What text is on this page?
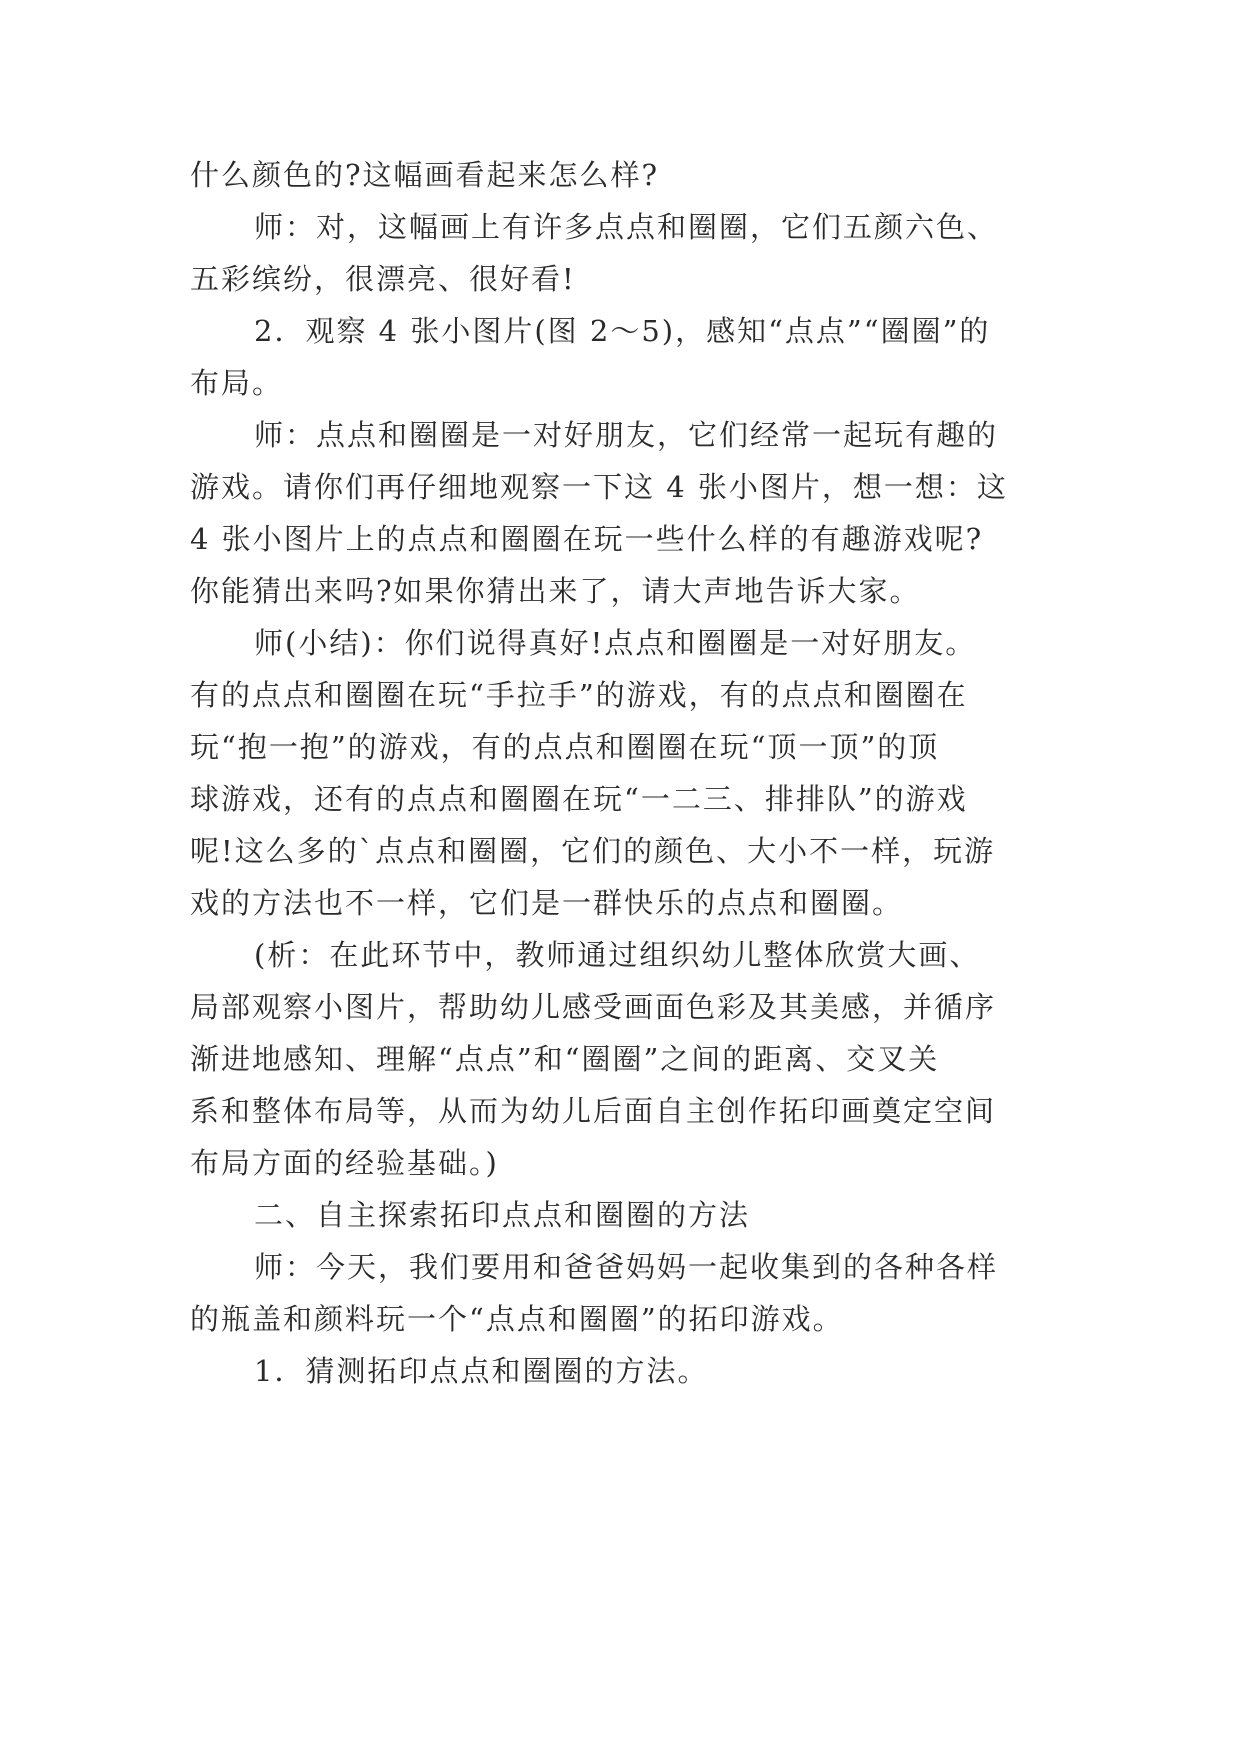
什么颜色的?这幅画看起来怎么样?
师：对，这幅画上有许多点点和圈圈，它们五颜六色、
五彩缤纷，很漂亮、很好看!
2．观察 4 张小图片(图 2～5)，感知“点点”“圈圈”的
布局。
师：点点和圈圈是一对好朋友，它们经常一起玩有趣的
游戏。请你们再仔细地观察一下这 4 张小图片，想一想：这
4 张小图片上的点点和圈圈在玩一些什么样的有趣游戏呢?
你能猜出来吗?如果你猜出来了，请大声地告诉大家。
师(小结)：你们说得真好!点点和圈圈是一对好朋友。
有的点点和圈圈在玩“手拉手”的游戏，有的点点和圈圈在
玩“抱一抱”的游戏，有的点点和圈圈在玩“顶一顶”的顶
球游戏，还有的点点和圈圈在玩“一二三、排排队”的游戏
呢!这么多的`点点和圈圈，它们的颜色、大小不一样，玩游
戏的方法也不一样，它们是一群快乐的点点和圈圈。
(析：在此环节中，教师通过组织幼儿整体欣赏大画、
局部观察小图片，帮助幼儿感受画面色彩及其美感，并循序
渐进地感知、理解“点点”和“圈圈”之间的距离、交叉关
系和整体布局等，从而为幼儿后面自主创作拓印画奠定空间
布局方面的经验基础。)
二、自主探索拓印点点和圈圈的方法
师：今天，我们要用和爸爸妈妈一起收集到的各种各样
的瓶盖和颜料玩一个“点点和圈圈”的拓印游戏。
1．猜测拓印点点和圈圈的方法。
